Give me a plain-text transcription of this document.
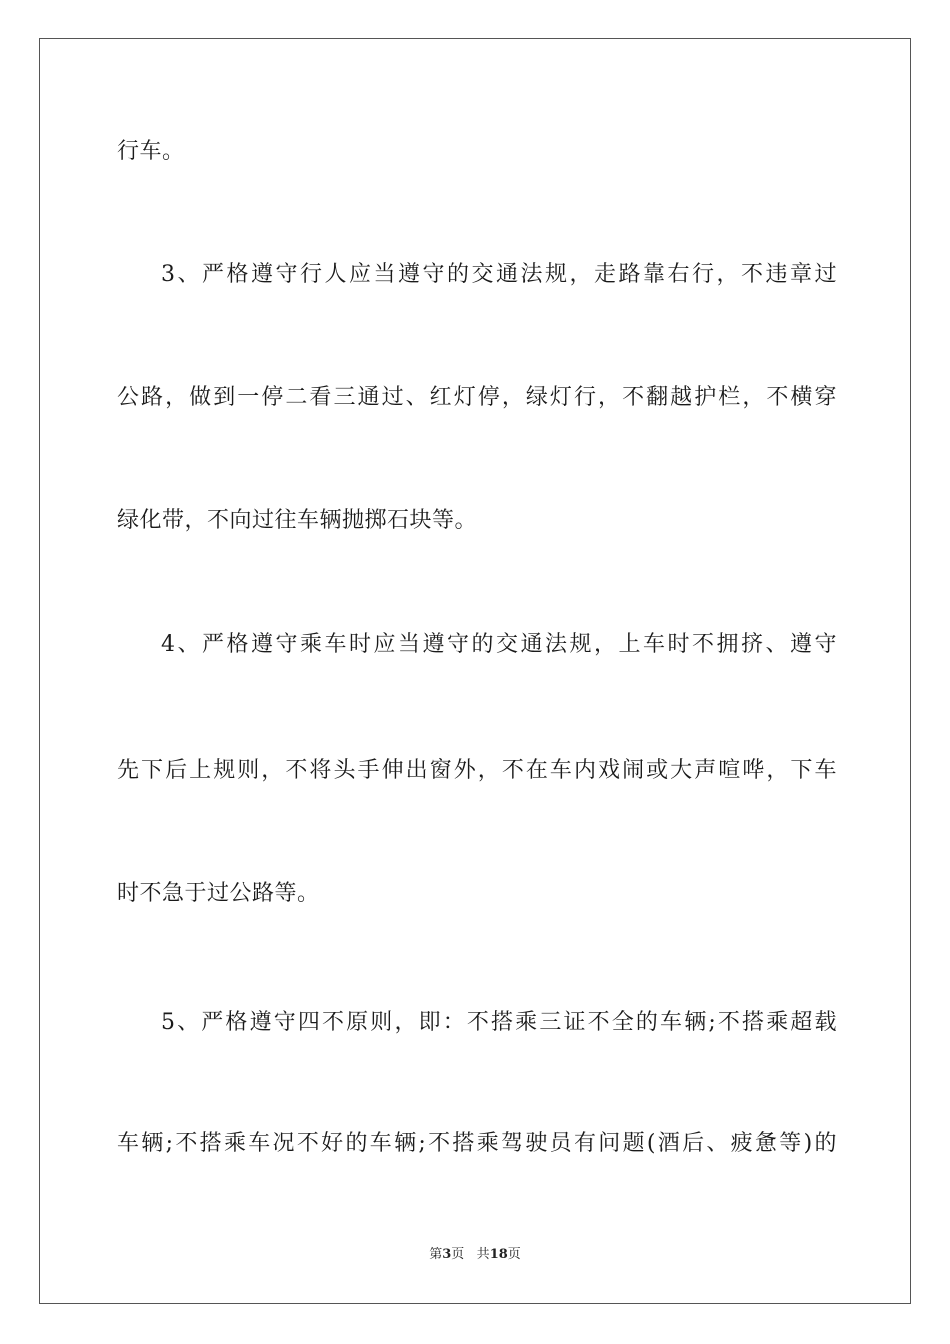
行车。
3、严格遵守行人应当遵守的交通法规，走路靠右行，不违章过
公路，做到一停二看三通过、红灯停，绿灯行，不翻越护栏，不横穿
绿化带，不向过往车辆抛掷石块等。
4、严格遵守乘车时应当遵守的交通法规，上车时不拥挤、遵守
先下后上规则，不将头手伸出窗外，不在车内戏闹或大声喧哗，下车
时不急于过公路等。
5、严格遵守四不原则，即：不搭乘三证不全的车辆;不搭乘超载
车辆;不搭乘车况不好的车辆;不搭乘驾驶员有问题(酒后、疲惫等)的
第3页 共18页
